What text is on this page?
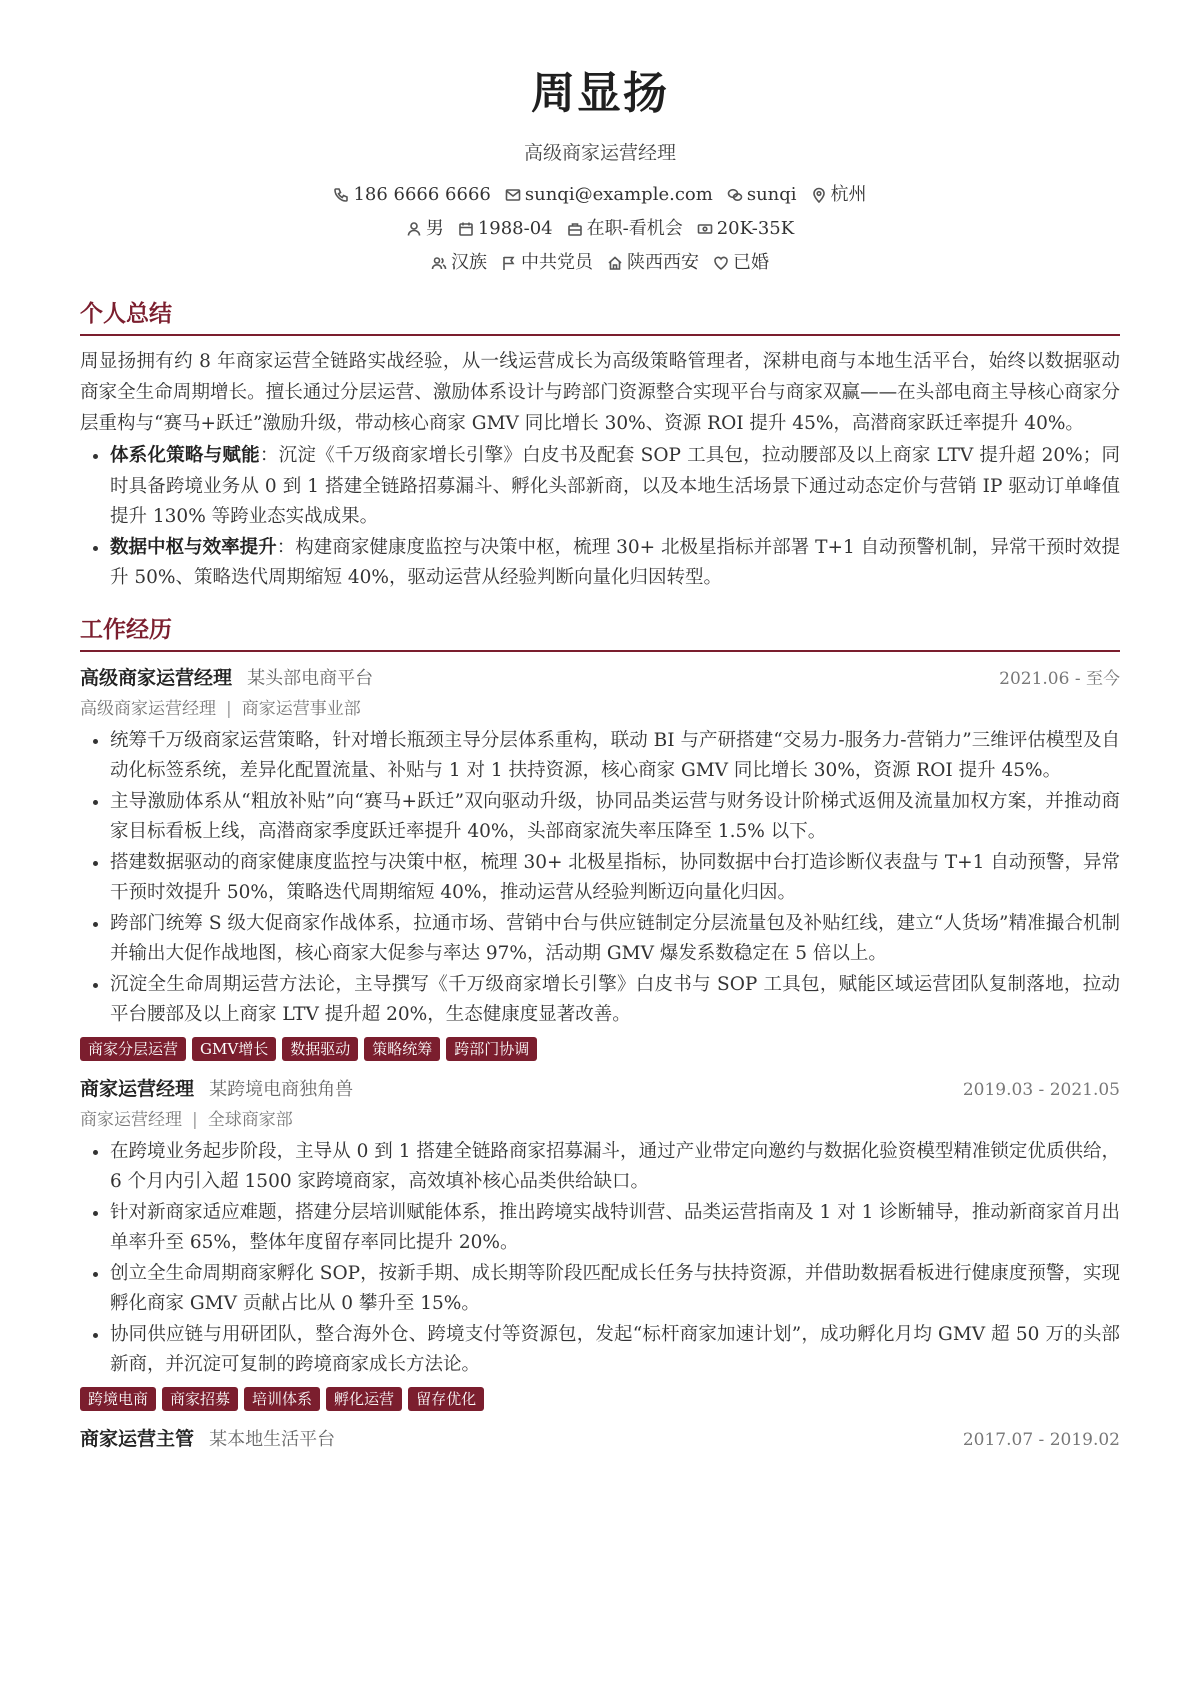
周显扬
高级商家运营经理
186 6666 6666 sunqi@example.com sunqi 杭州
男 1988-04 在职-看机会 20K-35K
汉族 中共党员 陕西西安 已婚
个人总结
周显扬拥有约 8 年商家运营全链路实战经验，从一线运营成长为高级策略管理者，深耕电商与本地生活平台，始终以数据驱动商家全生命周期增长。擅长通过分层运营、激励体系设计与跨部门资源整合实现平台与商家双赢——在头部电商主导核心商家分层重构与“赛马+跃迁”激励升级，带动核心商家 GMV 同比增长 30%、资源 ROI 提升 45%，高潜商家跃迁率提升 40%。
• 体系化策略与赋能：沉淀《千万级商家增长引擎》白皮书及配套 SOP 工具包，拉动腰部及以上商家 LTV 提升超 20%；同时具备跨境业务从 0 到 1 搭建全链路招募漏斗、孵化头部新商，以及本地生活场景下通过动态定价与营销 IP 驱动订单峰值提升 130% 等跨业态实战成果。
• 数据中枢与效率提升：构建商家健康度监控与决策中枢，梳理 30+ 北极星指标并部署 T+1 自动预警机制，异常干预时效提升 50%、策略迭代周期缩短 40%，驱动运营从经验判断向量化归因转型。
工作经历
高级商家运营经理 某头部电商平台	2021.06 - 至今
高级商家运营经理 | 商家运营事业部
• 统筹千万级商家运营策略，针对增长瓶颈主导分层体系重构，联动 BI 与产研搭建“交易力-服务力-营销力”三维评估模型及自动化标签系统，差异化配置流量、补贴与 1 对 1 扶持资源，核心商家 GMV 同比增长 30%，资源 ROI 提升 45%。
• 主导激励体系从“粗放补贴”向“赛马+跃迁”双向驱动升级，协同品类运营与财务设计阶梯式返佣及流量加权方案，并推动商家目标看板上线，高潜商家季度跃迁率提升 40%，头部商家流失率压降至 1.5% 以下。
• 搭建数据驱动的商家健康度监控与决策中枢，梳理 30+ 北极星指标，协同数据中台打造诊断仪表盘与 T+1 自动预警，异常干预时效提升 50%，策略迭代周期缩短 40%，推动运营从经验判断迈向量化归因。
• 跨部门统筹 S 级大促商家作战体系，拉通市场、营销中台与供应链制定分层流量包及补贴红线，建立“人货场”精准撮合机制并输出大促作战地图，核心商家大促参与率达 97%，活动期 GMV 爆发系数稳定在 5 倍以上。
• 沉淀全生命周期运营方法论，主导撰写《千万级商家增长引擎》白皮书与 SOP 工具包，赋能区域运营团队复制落地，拉动平台腰部及以上商家 LTV 提升超 20%，生态健康度显著改善。
商家分层运营	GMV增长	数据驱动	策略统筹	跨部门协调
商家运营经理 某跨境电商独角兽	2019.03 - 2021.05
商家运营经理 | 全球商家部
• 在跨境业务起步阶段，主导从 0 到 1 搭建全链路商家招募漏斗，通过产业带定向邀约与数据化验资模型精准锁定优质供给，6 个月内引入超 1500 家跨境商家，高效填补核心品类供给缺口。
• 针对新商家适应难题，搭建分层培训赋能体系，推出跨境实战特训营、品类运营指南及 1 对 1 诊断辅导，推动新商家首月出单率升至 65%，整体年度留存率同比提升 20%。
• 创立全生命周期商家孵化 SOP，按新手期、成长期等阶段匹配成长任务与扶持资源，并借助数据看板进行健康度预警，实现孵化商家 GMV 贡献占比从 0 攀升至 15%。
• 协同供应链与用研团队，整合海外仓、跨境支付等资源包，发起“标杆商家加速计划”，成功孵化月均 GMV 超 50 万的头部新商，并沉淀可复制的跨境商家成长方法论。
跨境电商	商家招募	培训体系	孵化运营	留存优化
商家运营主管 某本地生活平台	2017.07 - 2019.02
